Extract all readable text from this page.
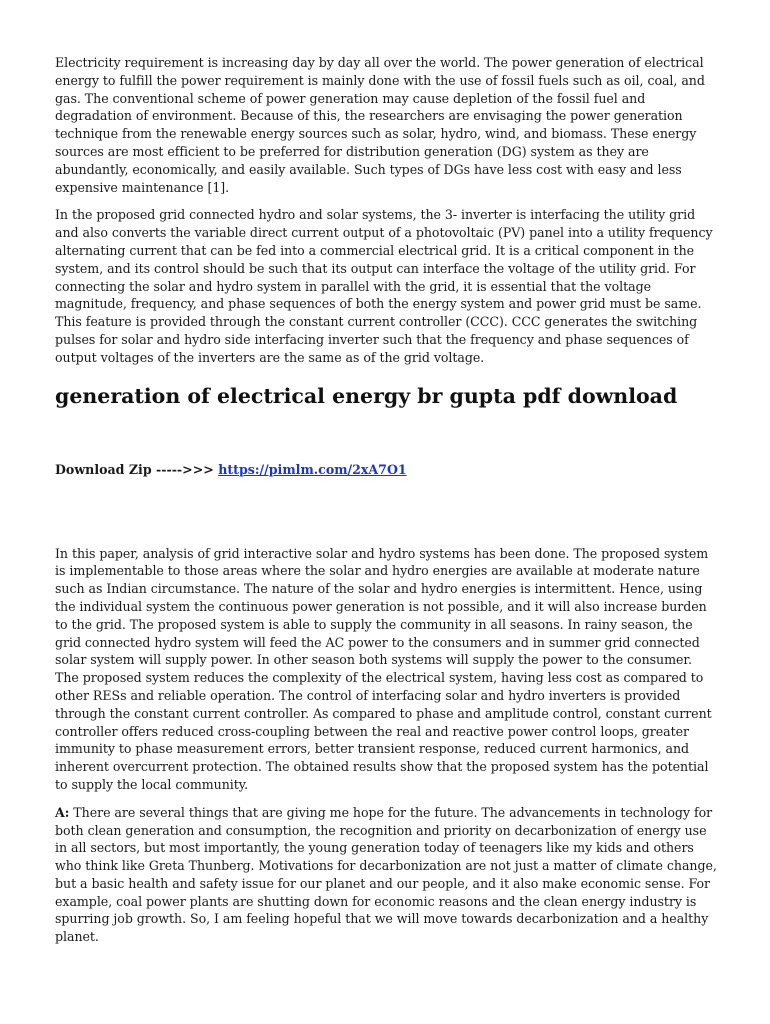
Electricity requirement is increasing day by day all over the world. The power generation of electrical energy to fulfill the power requirement is mainly done with the use of fossil fuels such as oil, coal, and gas. The conventional scheme of power generation may cause depletion of the fossil fuel and degradation of environment. Because of this, the researchers are envisaging the power generation technique from the renewable energy sources such as solar, hydro, wind, and biomass. These energy sources are most efficient to be preferred for distribution generation (DG) system as they are abundantly, economically, and easily available. Such types of DGs have less cost with easy and less expensive maintenance [1].

In the proposed grid connected hydro and solar systems, the 3- inverter is interfacing the utility grid and also converts the variable direct current output of a photovoltaic (PV) panel into a utility frequency alternating current that can be fed into a commercial electrical grid. It is a critical component in the system, and its control should be such that its output can interface the voltage of the utility grid. For connecting the solar and hydro system in parallel with the grid, it is essential that the voltage magnitude, frequency, and phase sequences of both the energy system and power grid must be same. This feature is provided through the constant current controller (CCC). CCC generates the switching pulses for solar and hydro side interfacing inverter such that the frequency and phase sequences of output voltages of the inverters are the same as of the grid voltage.

generation of electrical energy br gupta pdf download

Download Zip ----->>> https://pimlm.com/2xA7O1

In this paper, analysis of grid interactive solar and hydro systems has been done. The proposed system is implementable to those areas where the solar and hydro energies are available at moderate nature such as Indian circumstance. The nature of the solar and hydro energies is intermittent. Hence, using the individual system the continuous power generation is not possible, and it will also increase burden to the grid. The proposed system is able to supply the community in all seasons. In rainy season, the grid connected hydro system will feed the AC power to the consumers and in summer grid connected solar system will supply power. In other season both systems will supply the power to the consumer. The proposed system reduces the complexity of the electrical system, having less cost as compared to other RESs and reliable operation. The control of interfacing solar and hydro inverters is provided through the constant current controller. As compared to phase and amplitude control, constant current controller offers reduced cross-coupling between the real and reactive power control loops, greater immunity to phase measurement errors, better transient response, reduced current harmonics, and inherent overcurrent protection. The obtained results show that the proposed system has the potential to supply the local community.

A: There are several things that are giving me hope for the future. The advancements in technology for both clean generation and consumption, the recognition and priority on decarbonization of energy use in all sectors, but most importantly, the young generation today of teenagers like my kids and others who think like Greta Thunberg. Motivations for decarbonization are not just a matter of climate change, but a basic health and safety issue for our planet and our people, and it also make economic sense. For example, coal power plants are shutting down for economic reasons and the clean energy industry is spurring job growth. So, I am feeling hopeful that we will move towards decarbonization and a healthy planet.
